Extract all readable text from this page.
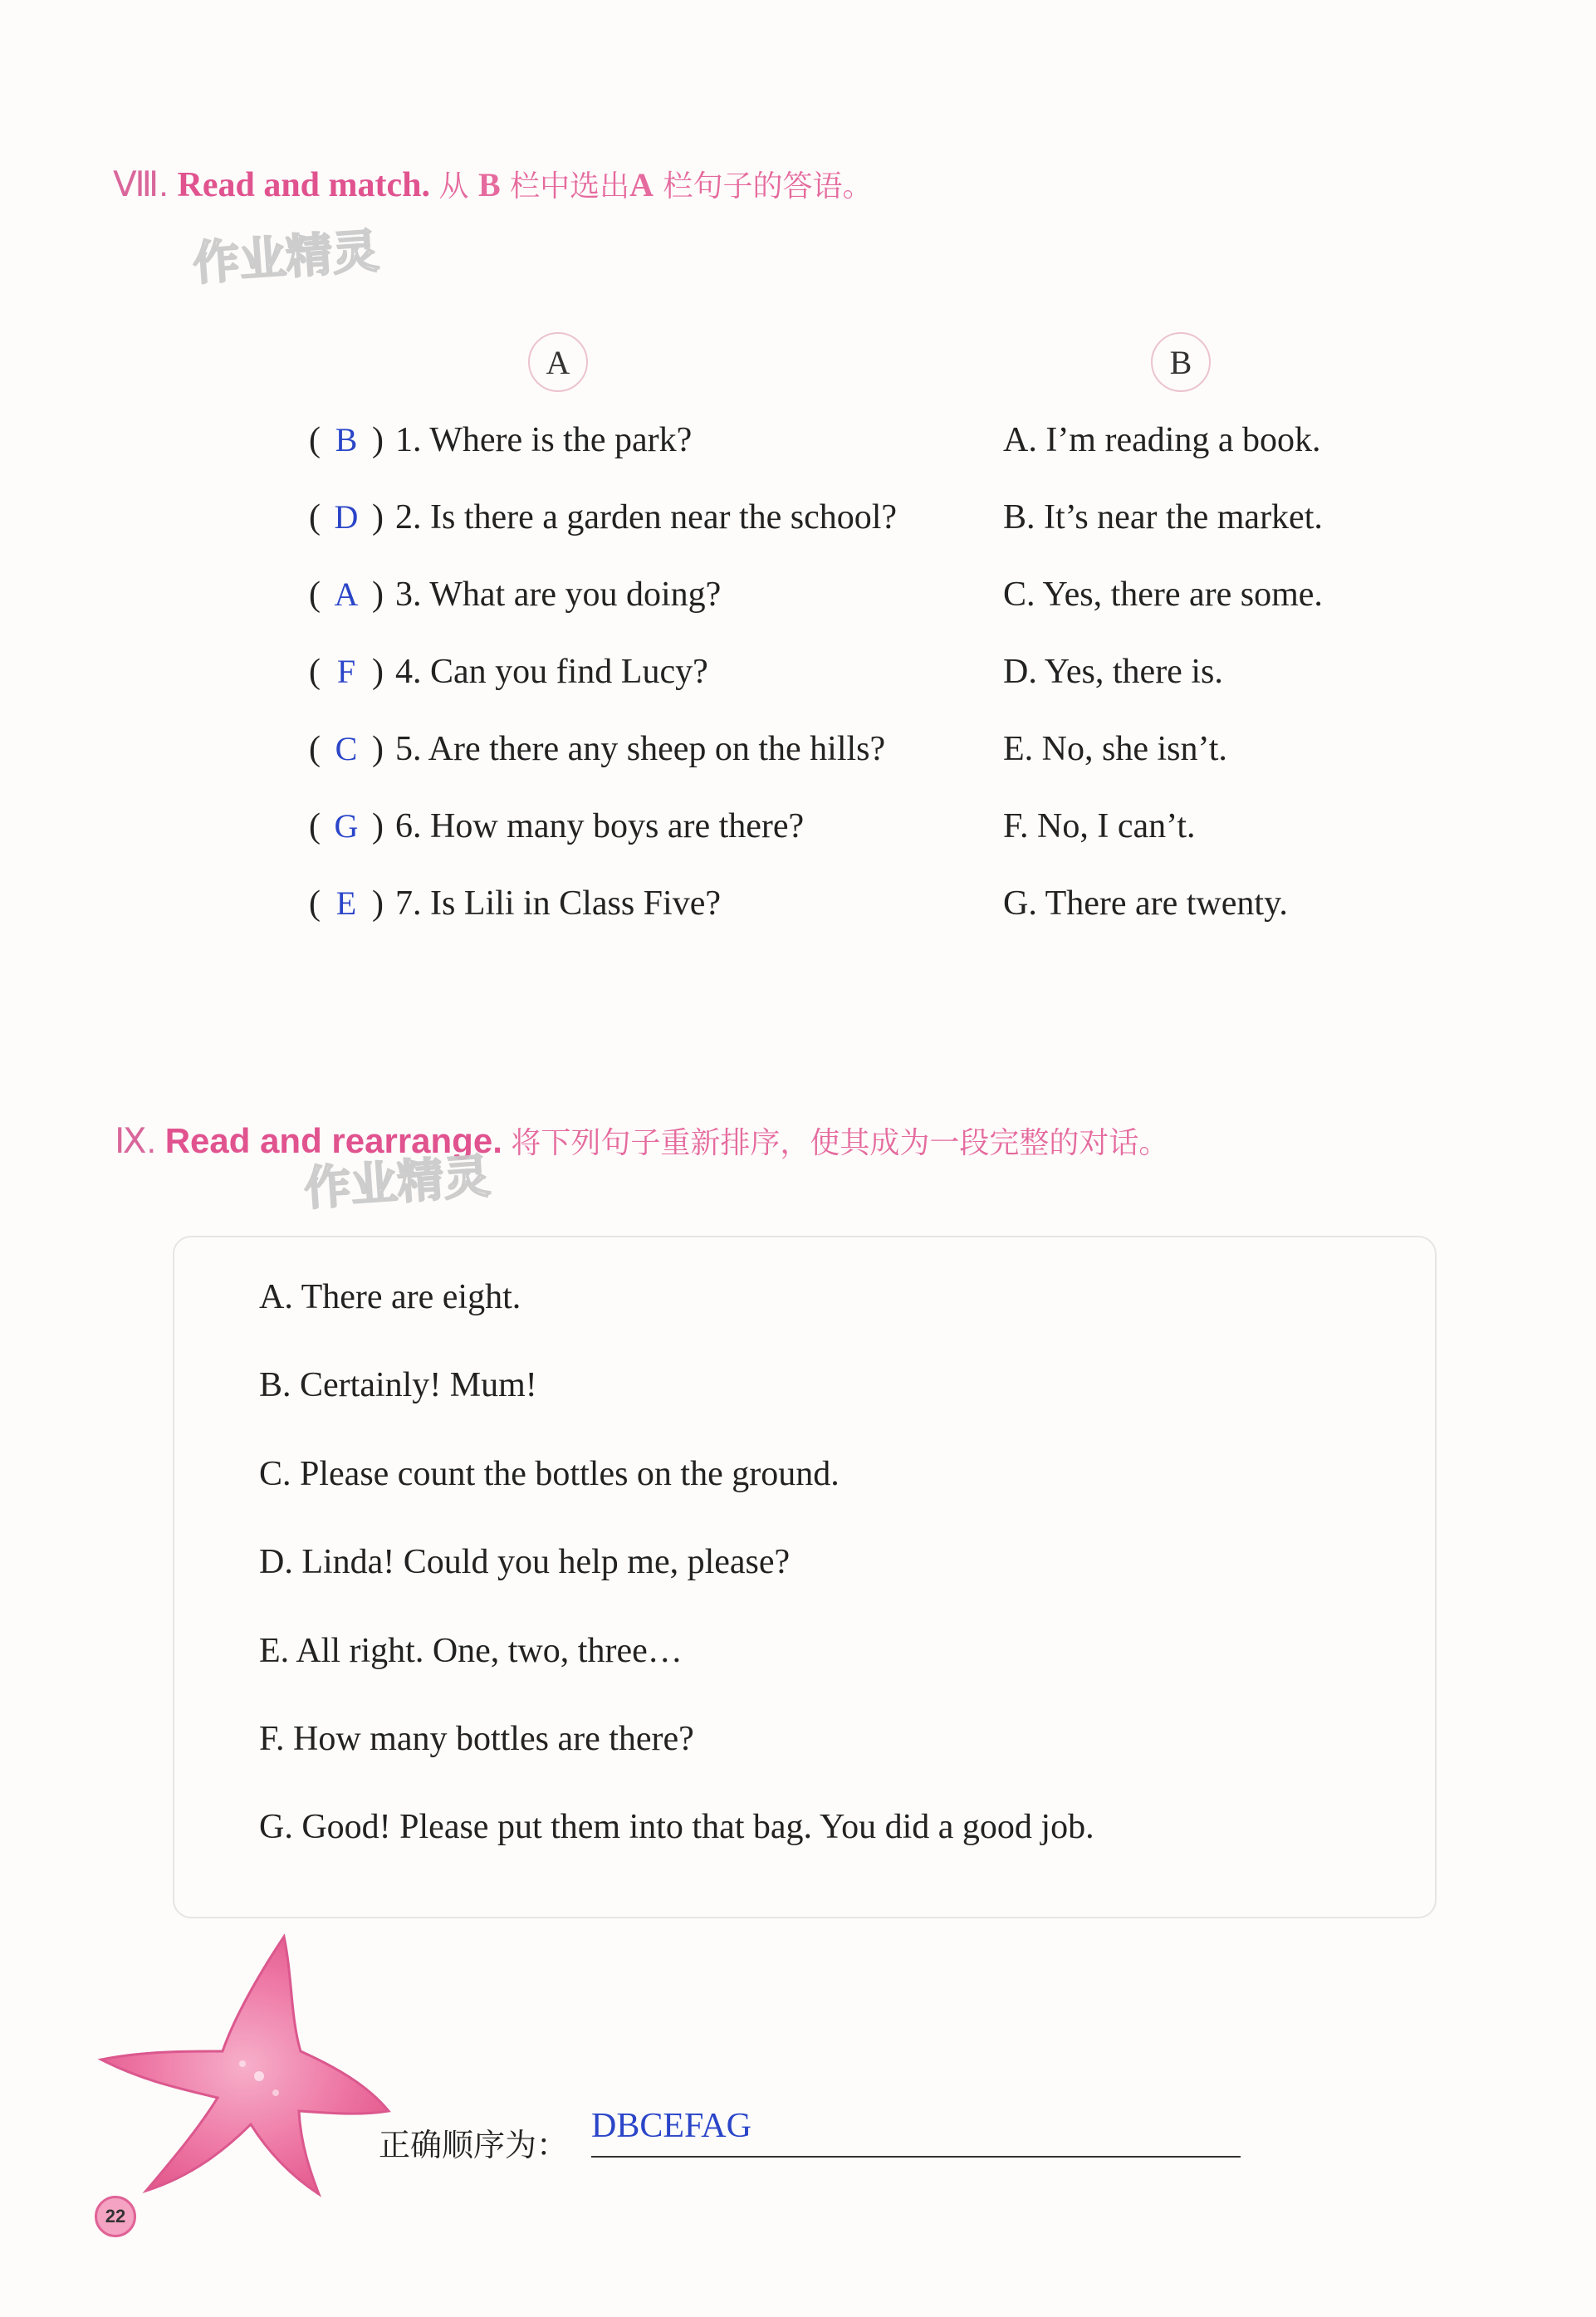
Ⅷ. Read and match. 从 B 栏中选出A 栏句子的答语。
作业精灵
A	B
( B ) 1. Where is the park?	A. I’m reading a book.
( D ) 2. Is there a garden near the school?	B. It’s near the market.
( A ) 3. What are you doing?	C. Yes, there are some.
( F ) 4. Can you find Lucy?	D. Yes, there is.
( C ) 5. Are there any sheep on the hills?	E. No, she isn’t.
( G ) 6. How many boys are there?	F. No, I can’t.
( E ) 7. Is Lili in Class Five?	G. There are twenty.
Ⅸ. Read and rearrange. 将下列句子重新排序，使其成为一段完整的对话。
作业精灵
A. There are eight.
B. Certainly! Mum!
C. Please count the bottles on the ground.
D. Linda! Could you help me, please?
E. All right. One, two, three…
F. How many bottles are there?
G. Good! Please put them into that bag. You did a good job.
正确顺序为： DBCEFAG
22
